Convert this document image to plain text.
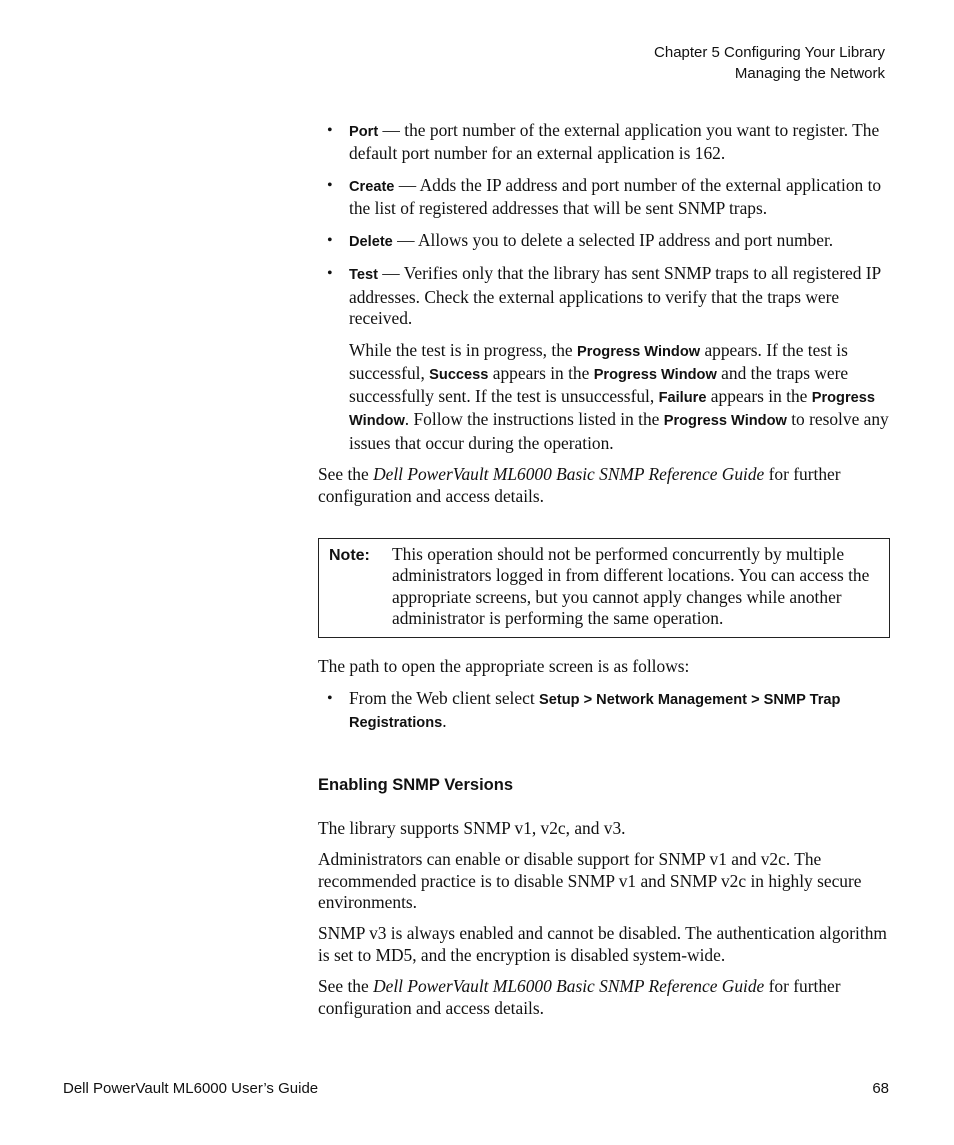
Chapter 5 Configuring Your Library
Managing the Network
• Port — the port number of the external application you want to register. The default port number for an external application is 162.
• Create — Adds the IP address and port number of the external application to the list of registered addresses that will be sent SNMP traps.
• Delete — Allows you to delete a selected IP address and port number.
• Test — Verifies only that the library has sent SNMP traps to all registered IP addresses. Check the external applications to verify that the traps were received.
While the test is in progress, the Progress Window appears. If the test is successful, Success appears in the Progress Window and the traps were successfully sent. If the test is unsuccessful, Failure appears in the Progress Window. Follow the instructions listed in the Progress Window to resolve any issues that occur during the operation.
See the Dell PowerVault ML6000 Basic SNMP Reference Guide for further configuration and access details.
Note: This operation should not be performed concurrently by multiple administrators logged in from different locations. You can access the appropriate screens, but you cannot apply changes while another administrator is performing the same operation.
The path to open the appropriate screen is as follows:
• From the Web client select Setup > Network Management > SNMP Trap Registrations.
Enabling SNMP Versions
The library supports SNMP v1, v2c, and v3.
Administrators can enable or disable support for SNMP v1 and v2c. The recommended practice is to disable SNMP v1 and SNMP v2c in highly secure environments.
SNMP v3 is always enabled and cannot be disabled. The authentication algorithm is set to MD5, and the encryption is disabled system-wide.
See the Dell PowerVault ML6000 Basic SNMP Reference Guide for further configuration and access details.
Dell PowerVault ML6000 User’s Guide	68
